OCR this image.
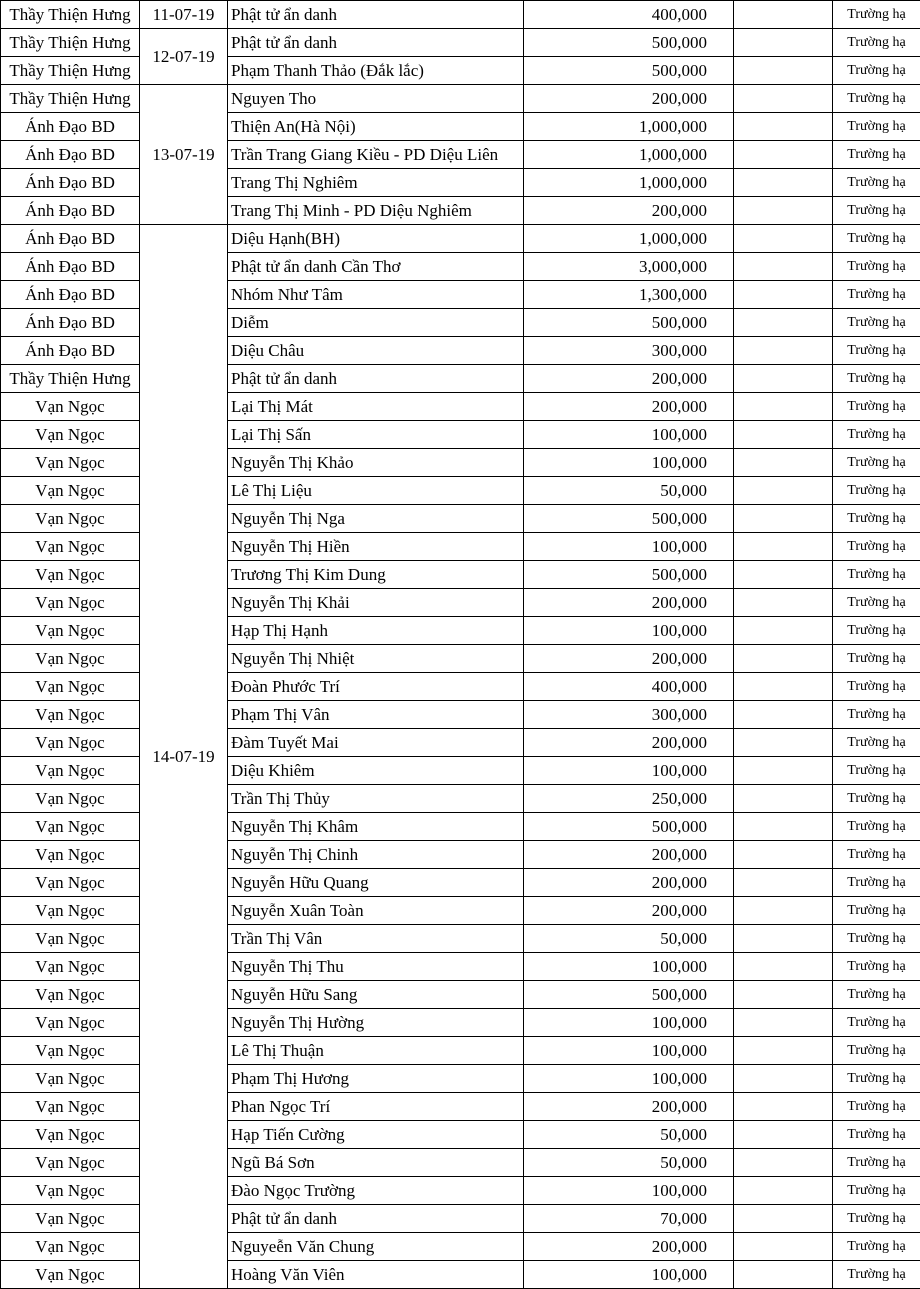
Thầy Thiện Hưng	11-07-19	Phật tử ẩn danh	400,000		Trường hạ
Thầy Thiện Hưng	12-07-19	Phật tử ẩn danh	500,000		Trường hạ
Thầy Thiện Hưng		Phạm Thanh Thảo (Đắk lắc)	500,000		Trường hạ
Thầy Thiện Hưng	13-07-19	Nguyen Tho	200,000		Trường hạ
Ánh Đạo BD		Thiện An(Hà Nội)	1,000,000		Trường hạ
Ánh Đạo BD		Trần Trang Giang Kiều - PD Diệu Liên	1,000,000		Trường hạ
Ánh Đạo BD		Trang Thị Nghiêm	1,000,000		Trường hạ
Ánh Đạo BD		Trang Thị Minh - PD Diệu Nghiêm	200,000		Trường hạ
Ánh Đạo BD	14-07-19	Diệu Hạnh(BH)	1,000,000		Trường hạ
Ánh Đạo BD		Phật tử ẩn danh Cần Thơ	3,000,000		Trường hạ
Ánh Đạo BD		Nhóm Như Tâm	1,300,000		Trường hạ
Ánh Đạo BD		Diễm	500,000		Trường hạ
Ánh Đạo BD		Diệu Châu	300,000		Trường hạ
Thầy Thiện Hưng		Phật tử ẩn danh	200,000		Trường hạ
Vạn Ngọc		Lại Thị Mát	200,000		Trường hạ
Vạn Ngọc		Lại Thị Sấn	100,000		Trường hạ
Vạn Ngọc		Nguyễn Thị Khảo	100,000		Trường hạ
Vạn Ngọc		Lê Thị Liệu	50,000		Trường hạ
Vạn Ngọc		Nguyễn Thị Nga	500,000		Trường hạ
Vạn Ngọc		Nguyễn Thị Hiền	100,000		Trường hạ
Vạn Ngọc		Trương Thị Kim Dung	500,000		Trường hạ
Vạn Ngọc		Nguyễn Thị Khải	200,000		Trường hạ
Vạn Ngọc		Hạp Thị Hạnh	100,000		Trường hạ
Vạn Ngọc		Nguyễn Thị Nhiệt	200,000		Trường hạ
Vạn Ngọc		Đoàn Phước Trí	400,000		Trường hạ
Vạn Ngọc		Phạm Thị Vân	300,000		Trường hạ
Vạn Ngọc		Đàm Tuyết Mai	200,000		Trường hạ
Vạn Ngọc		Diệu Khiêm	100,000		Trường hạ
Vạn Ngọc		Trần Thị Thủy	250,000		Trường hạ
Vạn Ngọc		Nguyễn Thị Khâm	500,000		Trường hạ
Vạn Ngọc		Nguyễn Thị Chinh	200,000		Trường hạ
Vạn Ngọc		Nguyễn Hữu Quang	200,000		Trường hạ
Vạn Ngọc		Nguyễn Xuân Toàn	200,000		Trường hạ
Vạn Ngọc		Trần Thị Vân	50,000		Trường hạ
Vạn Ngọc		Nguyễn Thị Thu	100,000		Trường hạ
Vạn Ngọc		Nguyễn Hữu Sang	500,000		Trường hạ
Vạn Ngọc		Nguyễn Thị Hường	100,000		Trường hạ
Vạn Ngọc		Lê Thị Thuận	100,000		Trường hạ
Vạn Ngọc		Phạm Thị Hương	100,000		Trường hạ
Vạn Ngọc		Phan Ngọc Trí	200,000		Trường hạ
Vạn Ngọc		Hạp Tiến Cường	50,000		Trường hạ
Vạn Ngọc		Ngũ Bá Sơn	50,000		Trường hạ
Vạn Ngọc		Đào Ngọc Trường	100,000		Trường hạ
Vạn Ngọc		Phật tử ẩn danh	70,000		Trường hạ
Vạn Ngọc		Nguyeễn Văn Chung	200,000		Trường hạ
Vạn Ngọc		Hoàng Văn Viên	100,000		Trường hạ
